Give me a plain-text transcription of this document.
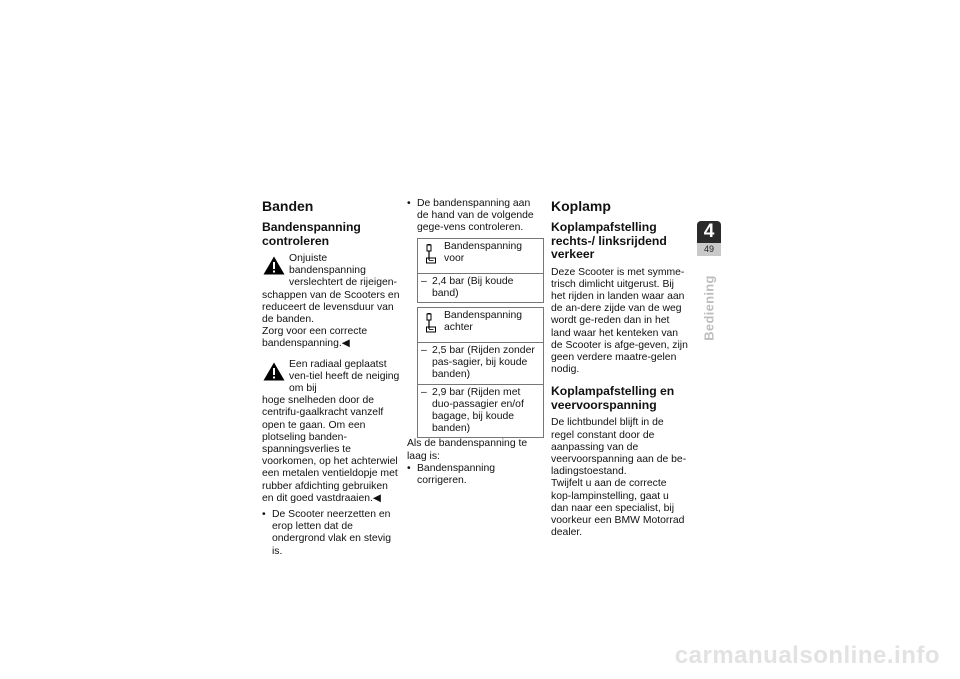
Banden
Bandenspanning controleren
Onjuiste bandenspanning verslechtert de rijeigen-

schappen van de Scooters en reduceert de levensduur van de banden.

Zorg voor een correcte bandenspanning.◀

Een radiaal geplaatst ven-tiel heeft de neiging om bij

hoge snelheden door de centrifu-gaalkracht vanzelf open te gaan. Om een plotseling banden-spanningsverlies te voorkomen, op het achterwiel een metalen ventieldopje met rubber afdichting gebruiken en dit goed vastdraaien.◀

• De Scooter neerzetten en erop letten dat de ondergrond vlak en stevig is.
• De bandenspanning aan de hand van de volgende gege-vens controleren.
Bandenspanning voor
– 2,4 bar (Bij koude band)
Bandenspanning achter
– 2,5 bar (Rijden zonder pas-sagier, bij koude banden)
– 2,9 bar (Rijden met duo-passagier en/of bagage, bij koude banden)

Als de bandenspanning te laag is:

• Bandenspanning corrigeren.
Koplamp
Koplampafstelling rechts-/ linksrijdend verkeer

Deze Scooter is met symme-trisch dimlicht uitgerust. Bij het rijden in landen waar aan de an-dere zijde van de weg wordt ge-reden dan in het land waar het kenteken van de Scooter is afge-geven, zijn geen verdere maatre-gelen nodig.

Koplampafstelling en veervoorspanning

De lichtbundel blijft in de regel constant door de aanpassing van de veervoorspanning aan de be-ladingstoestand.

Twijfelt u aan de correcte kop-lampinstelling, gaat u dan naar een specialist, bij voorkeur een BMW Motorrad dealer.

4
49
Bediening
carmanualsonline.info
